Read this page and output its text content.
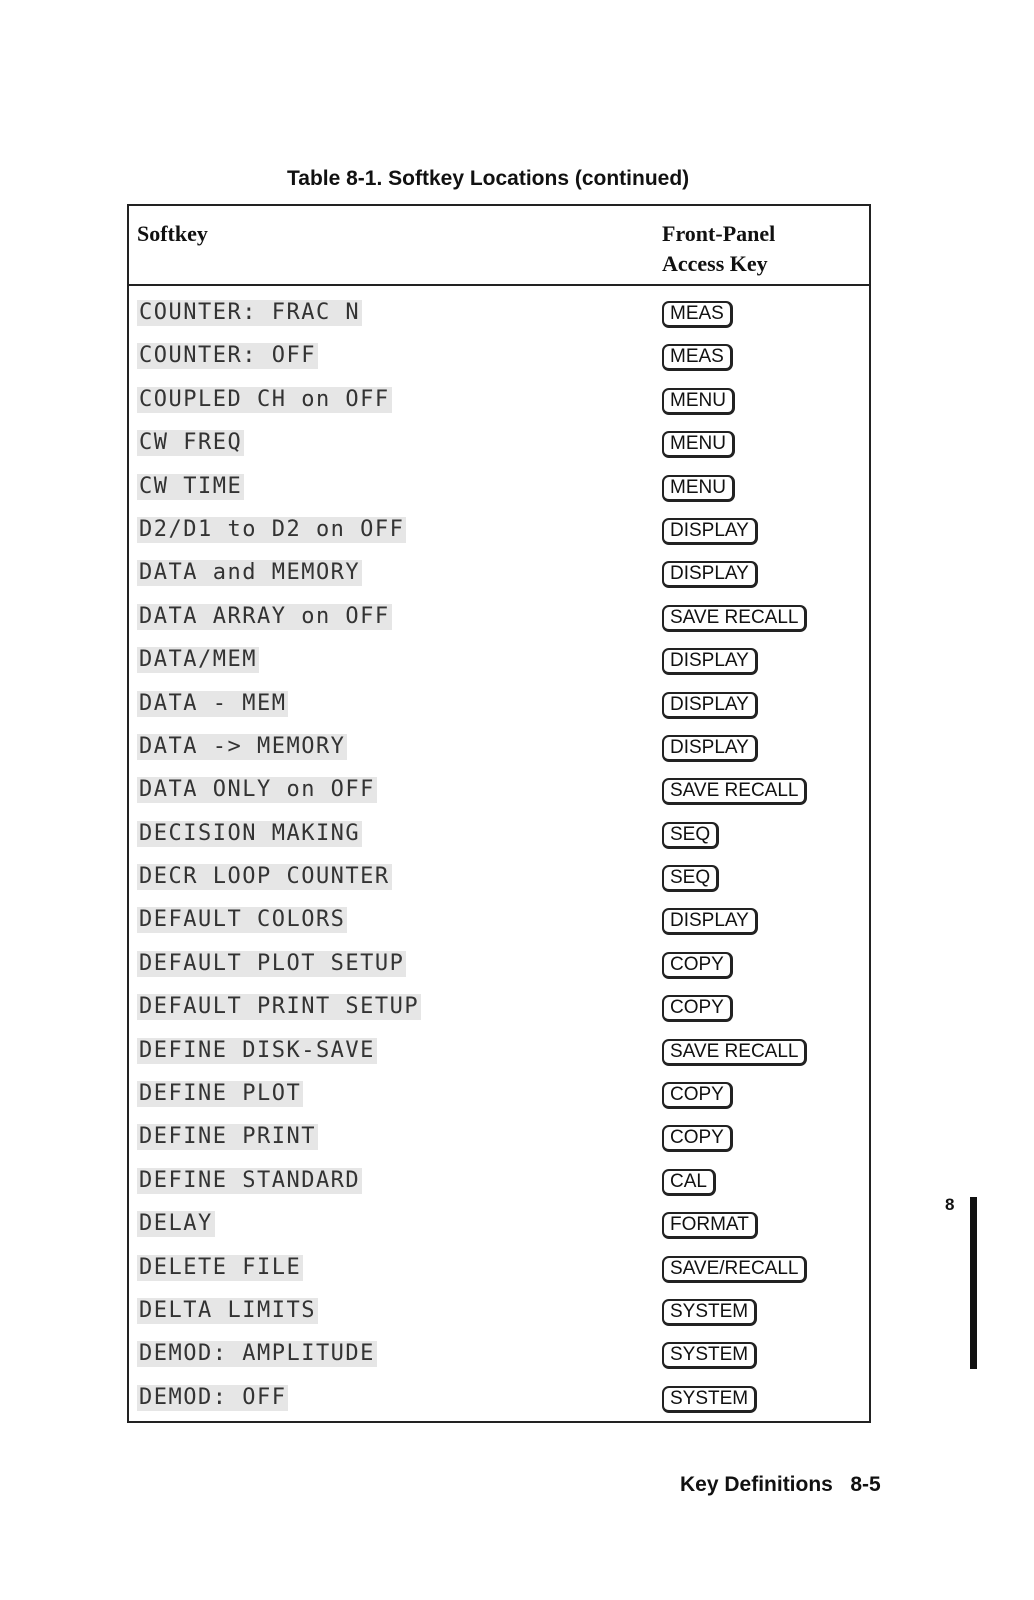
Table 8-1. Softkey Locations (continued)
Softkey	Front-Panel
Access Key
COUNTER: FRAC N	MEAS
COUNTER: OFF	MEAS
COUPLED CH on OFF	MENU
CW FREQ	MENU
CW TIME	MENU
D2/D1 to D2 on OFF	DISPLAY
DATA and MEMORY	DISPLAY
DATA ARRAY on OFF	SAVE RECALL
DATA/MEM	DISPLAY
DATA - MEM	DISPLAY
DATA -> MEMORY	DISPLAY
DATA ONLY on OFF	SAVE RECALL
DECISION MAKING	SEQ
DECR LOOP COUNTER	SEQ
DEFAULT COLORS	DISPLAY
DEFAULT PLOT SETUP	COPY
DEFAULT PRINT SETUP	COPY
DEFINE DISK-SAVE	SAVE RECALL
DEFINE PLOT	COPY
DEFINE PRINT	COPY
DEFINE STANDARD	CAL
DELAY	FORMAT
DELETE FILE	SAVE/RECALL
DELTA LIMITS	SYSTEM
DEMOD: AMPLITUDE	SYSTEM
DEMOD: OFF	SYSTEM
8
Key Definitions 8-5
